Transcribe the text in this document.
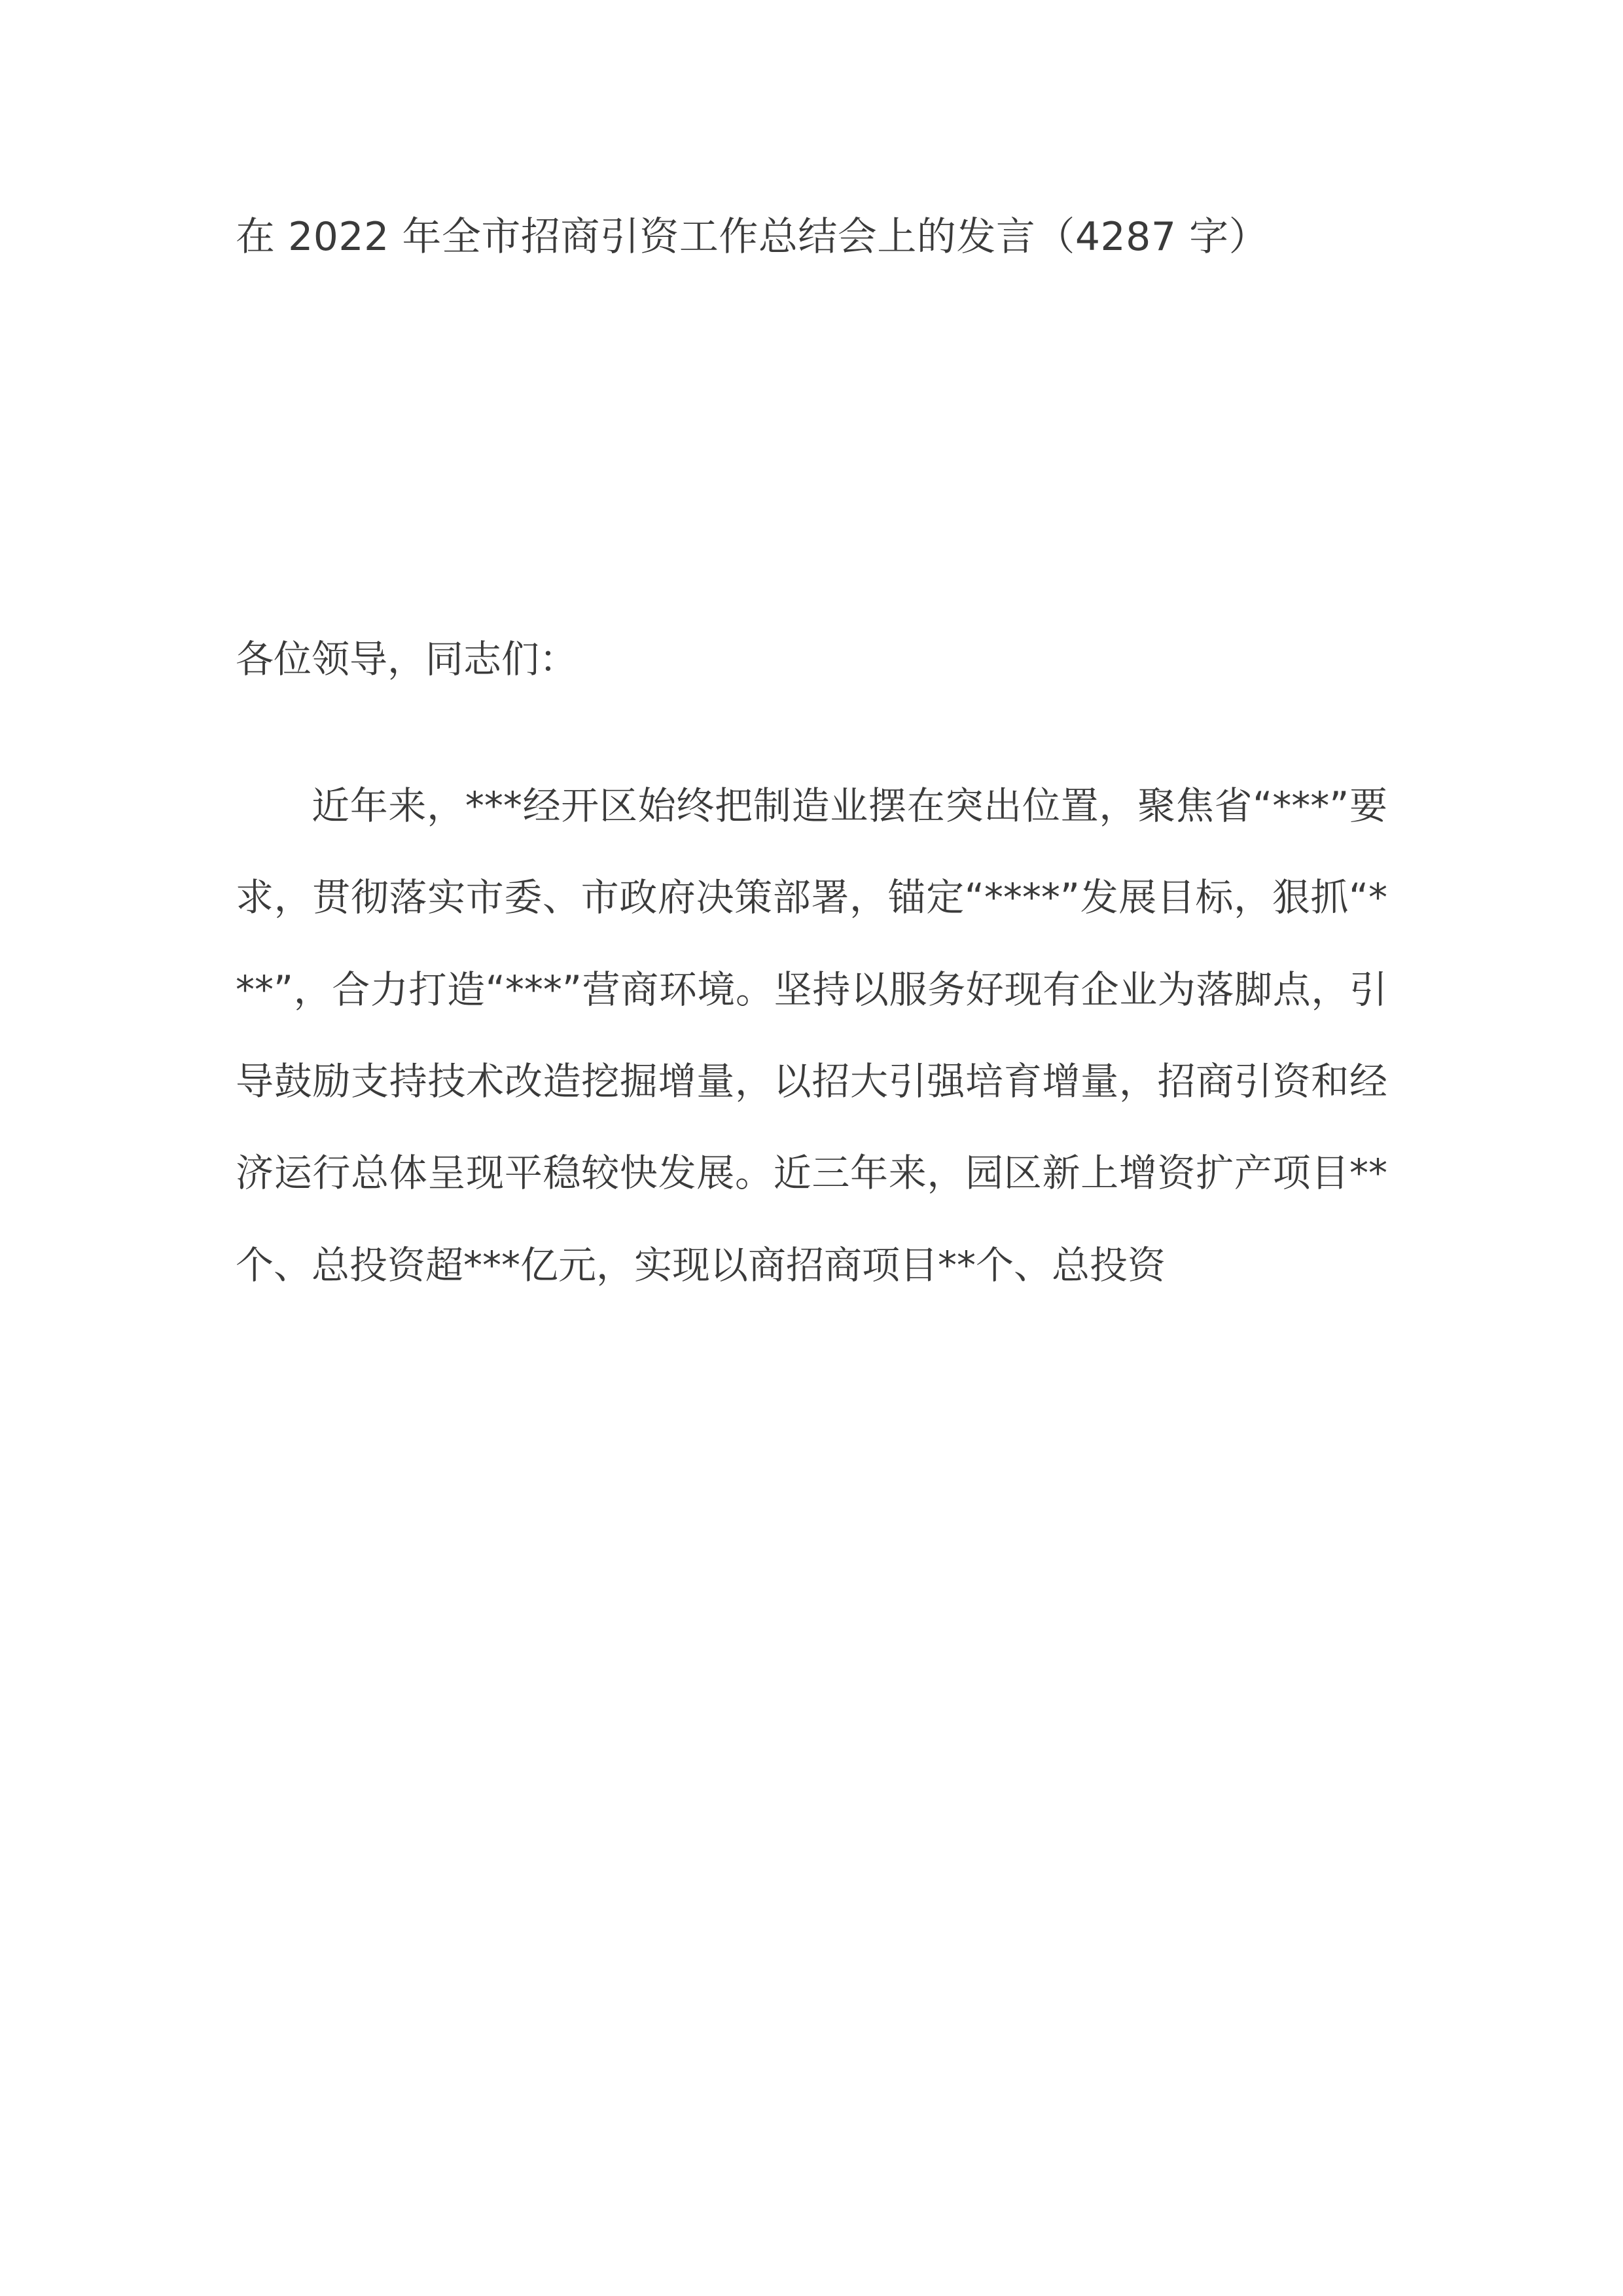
在 2022 年全市招商引资工作总结会上的发言（4287 字）
各位领导，同志们：

近年来，***经开区始终把制造业摆在突出位置，聚焦省“***”要求，贯彻落实市委、市政府决策部署，锚定“****”发展目标，狠抓“***”，合力打造“***”营商环境。坚持以服务好现有企业为落脚点，引导鼓励支持技术改造挖掘增量，以招大引强培育增量，招商引资和经济运行总体呈现平稳较快发展。近三年来，园区新上增资扩产项目**个、总投资超***亿元，实现以商招商项目**个、总投资
